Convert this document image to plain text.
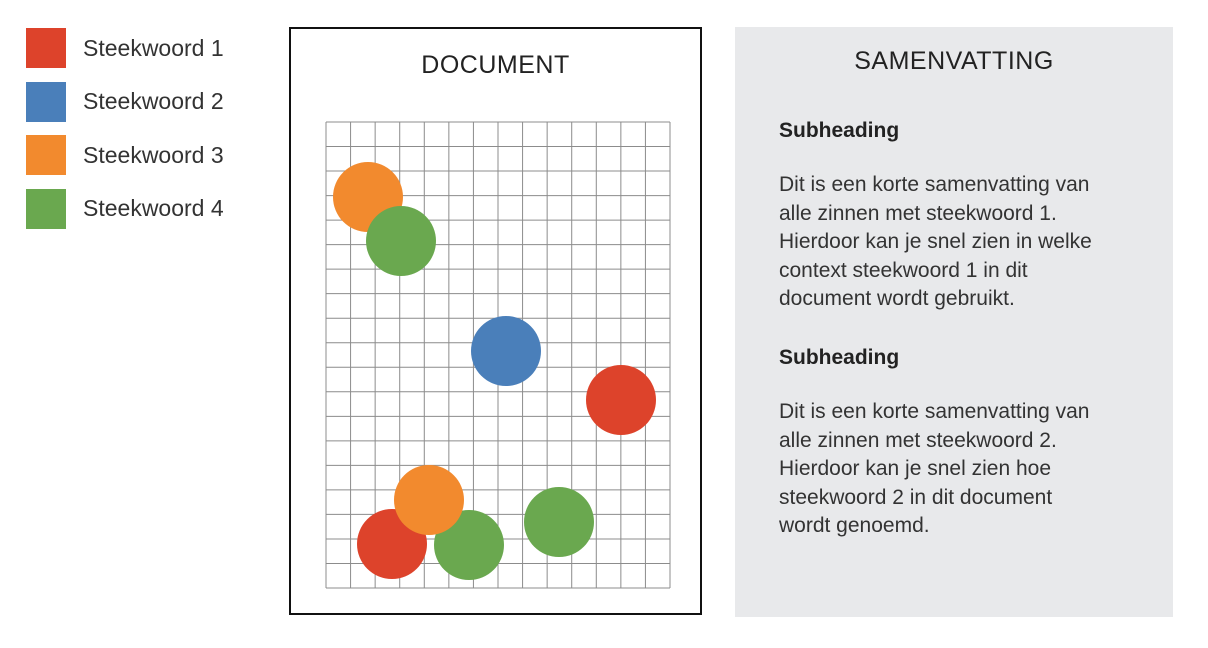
Steekwoord 1
Steekwoord 2
Steekwoord 3
Steekwoord 4
DOCUMENT	SAMENVATTING
Subheading
Dit is een korte samenvatting van
alle zinnen met steekwoord 1.
Hierdoor kan je snel zien in welke
context steekwoord 1 in dit
document wordt gebruikt.
Subheading
Dit is een korte samenvatting van
alle zinnen met steekwoord 2.
Hierdoor kan je snel zien hoe
steekwoord 2 in dit document
wordt genoemd.
